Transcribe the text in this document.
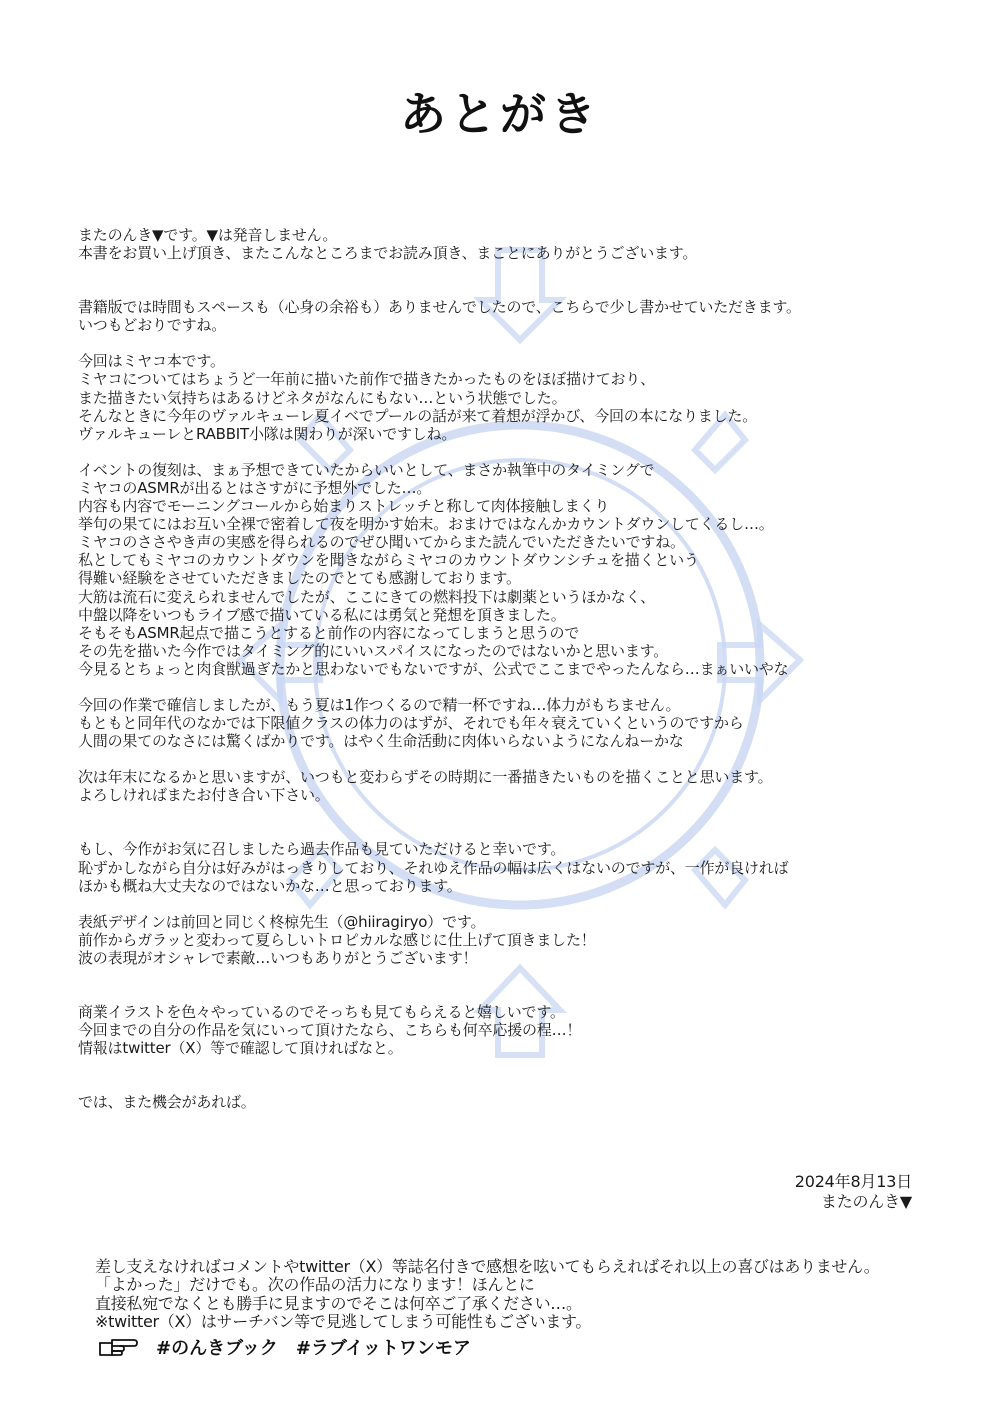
あとがき
またのんき▼です。▼は発音しません。
本書をお買い上げ頂き、またこんなところまでお読み頂き、まことにありがとうございます。
書籍版では時間もスペースも（心身の余裕も）ありませんでしたので、こちらで少し書かせていただきます。
いつもどおりですね。
今回はミヤコ本です。
ミヤコについてはちょうど一年前に描いた前作で描きたかったものをほぼ描けており、
また描きたい気持ちはあるけどネタがなんにもない…という状態でした。
そんなときに今年のヴァルキューレ夏イベでプールの話が来て着想が浮かび、今回の本になりました。
ヴァルキューレとRABBIT小隊は関わりが深いですしね。
イベントの復刻は、まぁ予想できていたからいいとして、まさか執筆中のタイミングで
ミヤコのASMRが出るとはさすがに予想外でした…。
内容も内容でモーニングコールから始まりストレッチと称して肉体接触しまくり
挙句の果てにはお互い全裸で密着して夜を明かす始末。おまけではなんかカウントダウンしてくるし…。
ミヤコのささやき声の実感を得られるのでぜひ聞いてからまた読んでいただきたいですね。
私としてもミヤコのカウントダウンを聞きながらミヤコのカウントダウンシチュを描くという
得難い経験をさせていただきましたのでとても感謝しております。
大筋は流石に変えられませんでしたが、ここにきての燃料投下は劇薬というほかなく、
中盤以降をいつもライブ感で描いている私には勇気と発想を頂きました。
そもそもASMR起点で描こうとすると前作の内容になってしまうと思うので
その先を描いた今作ではタイミング的にいいスパイスになったのではないかと思います。
今見るとちょっと肉食獣過ぎたかと思わないでもないですが、公式でここまでやったんなら…まぁいいやな
今回の作業で確信しましたが、もう夏は1作つくるので精一杯ですね…体力がもちません。
もともと同年代のなかでは下限値クラスの体力のはずが、それでも年々衰えていくというのですから
人間の果てのなさには驚くばかりです。はやく生命活動に肉体いらないようになんねーかな
次は年末になるかと思いますが、いつもと変わらずその時期に一番描きたいものを描くことと思います。
よろしければまたお付き合い下さい。
もし、今作がお気に召しましたら過去作品も見ていただけると幸いです。
恥ずかしながら自分は好みがはっきりしており、それゆえ作品の幅は広くはないのですが、一作が良ければ
ほかも概ね大丈夫なのではないかな…と思っております。
表紙デザインは前回と同じく柊椋先生（@hiiragiryo）です。
前作からガラッと変わって夏らしいトロピカルな感じに仕上げて頂きました！
波の表現がオシャレで素敵…いつもありがとうございます！
商業イラストを色々やっているのでそっちも見てもらえると嬉しいです。
今回までの自分の作品を気にいって頂けたなら、こちらも何卒応援の程…！
情報はtwitter（X）等で確認して頂ければなと。
では、また機会があれば。
2024年8月13日
またのんき▼
差し支えなければコメントやtwitter（X）等誌名付きで感想を呟いてもらえればそれ以上の喜びはありません。
「よかった」だけでも。次の作品の活力になります！ほんとに
直接私宛でなくとも勝手に見ますのでそこは何卒ご了承ください…。
※twitter（X）はサーチバン等で見逃してしまう可能性もございます。
#のんきブック #ラブイットワンモア
